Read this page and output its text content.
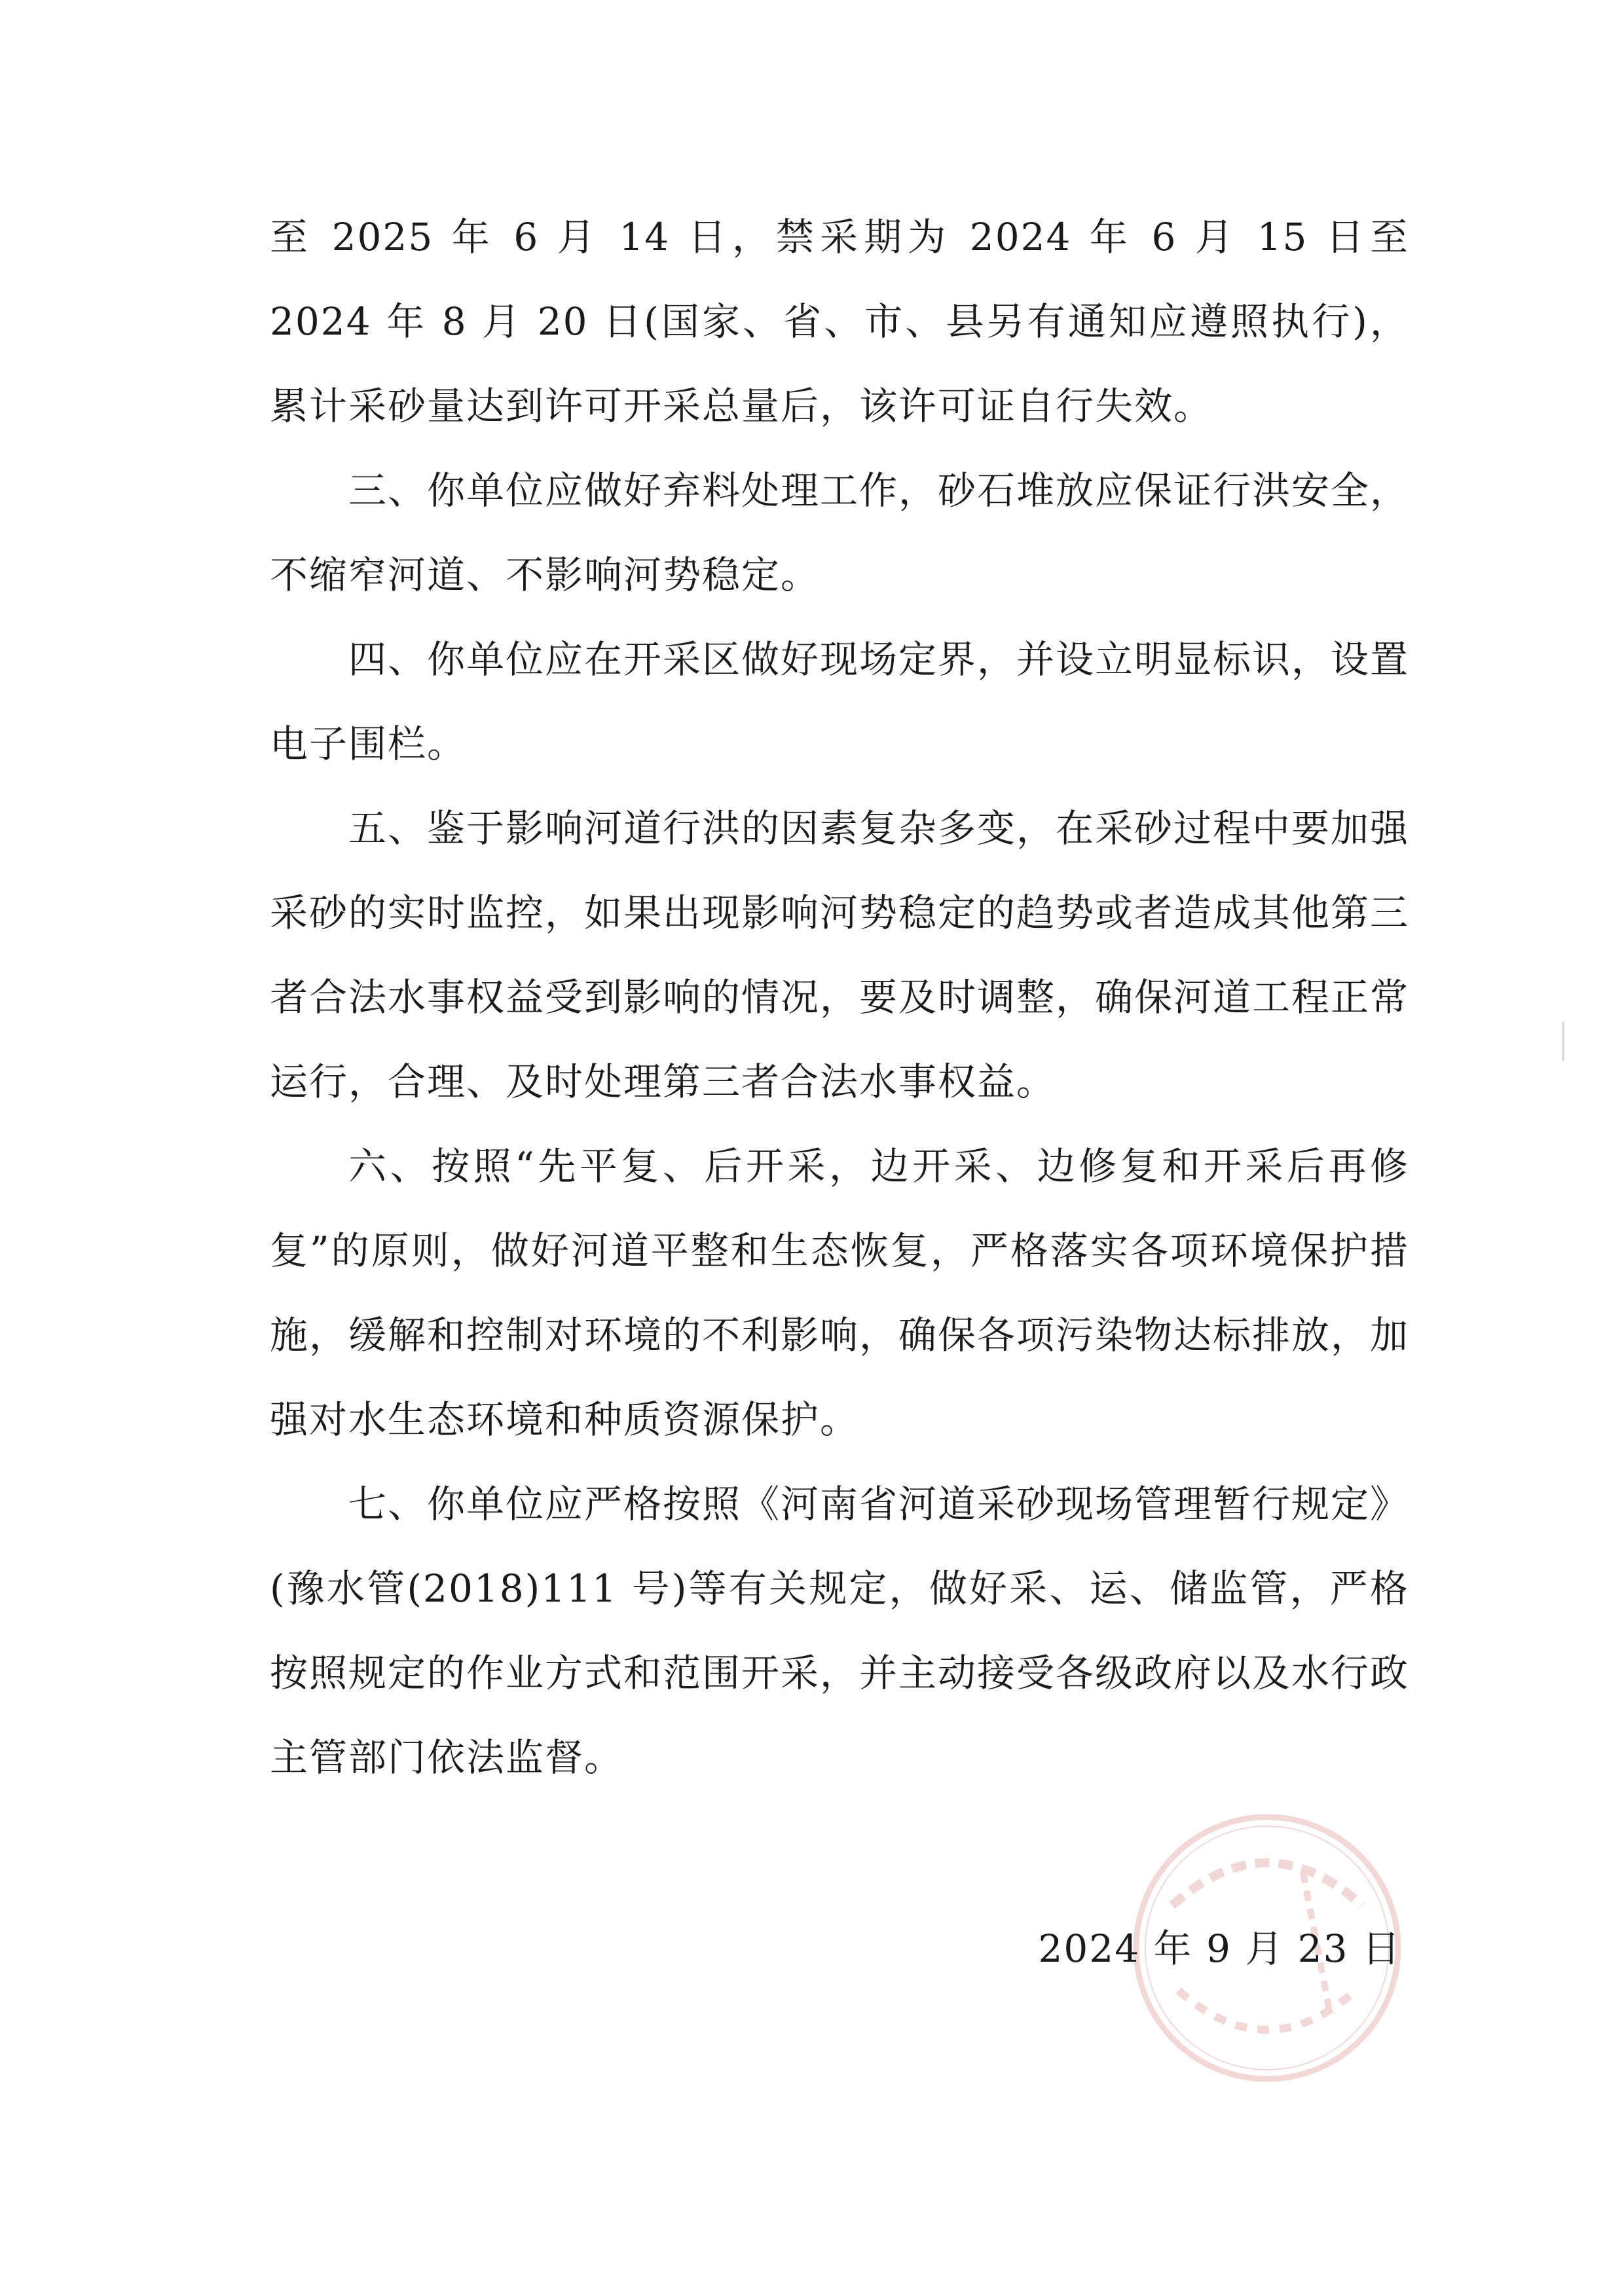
至 2025 年 6 月 14 日，禁采期为 2024 年 6 月 15 日至 2024 年 8 月 20 日(国家、省、市、县另有通知应遵照执行)，累计采砂量达到许可开采总量后，该许可证自行失效。

三、你单位应做好弃料处理工作，砂石堆放应保证行洪安全，不缩窄河道、不影响河势稳定。

四、你单位应在开采区做好现场定界，并设立明显标识，设置电子围栏。

五、鉴于影响河道行洪的因素复杂多变，在采砂过程中要加强采砂的实时监控，如果出现影响河势稳定的趋势或者造成其他第三者合法水事权益受到影响的情况，要及时调整，确保河道工程正常运行，合理、及时处理第三者合法水事权益。

六、按照“先平复、后开采，边开采、边修复和开采后再修复”的原则，做好河道平整和生态恢复，严格落实各项环境保护措施，缓解和控制对环境的不利影响，确保各项污染物达标排放，加强对水生态环境和种质资源保护。

七、你单位应严格按照《河南省河道采砂现场管理暂行规定》(豫水管(2018)111 号)等有关规定，做好采、运、储监管，严格按照规定的作业方式和范围开采，并主动接受各级政府以及水行政主管部门依法监督。

2024 年 9 月 23 日
